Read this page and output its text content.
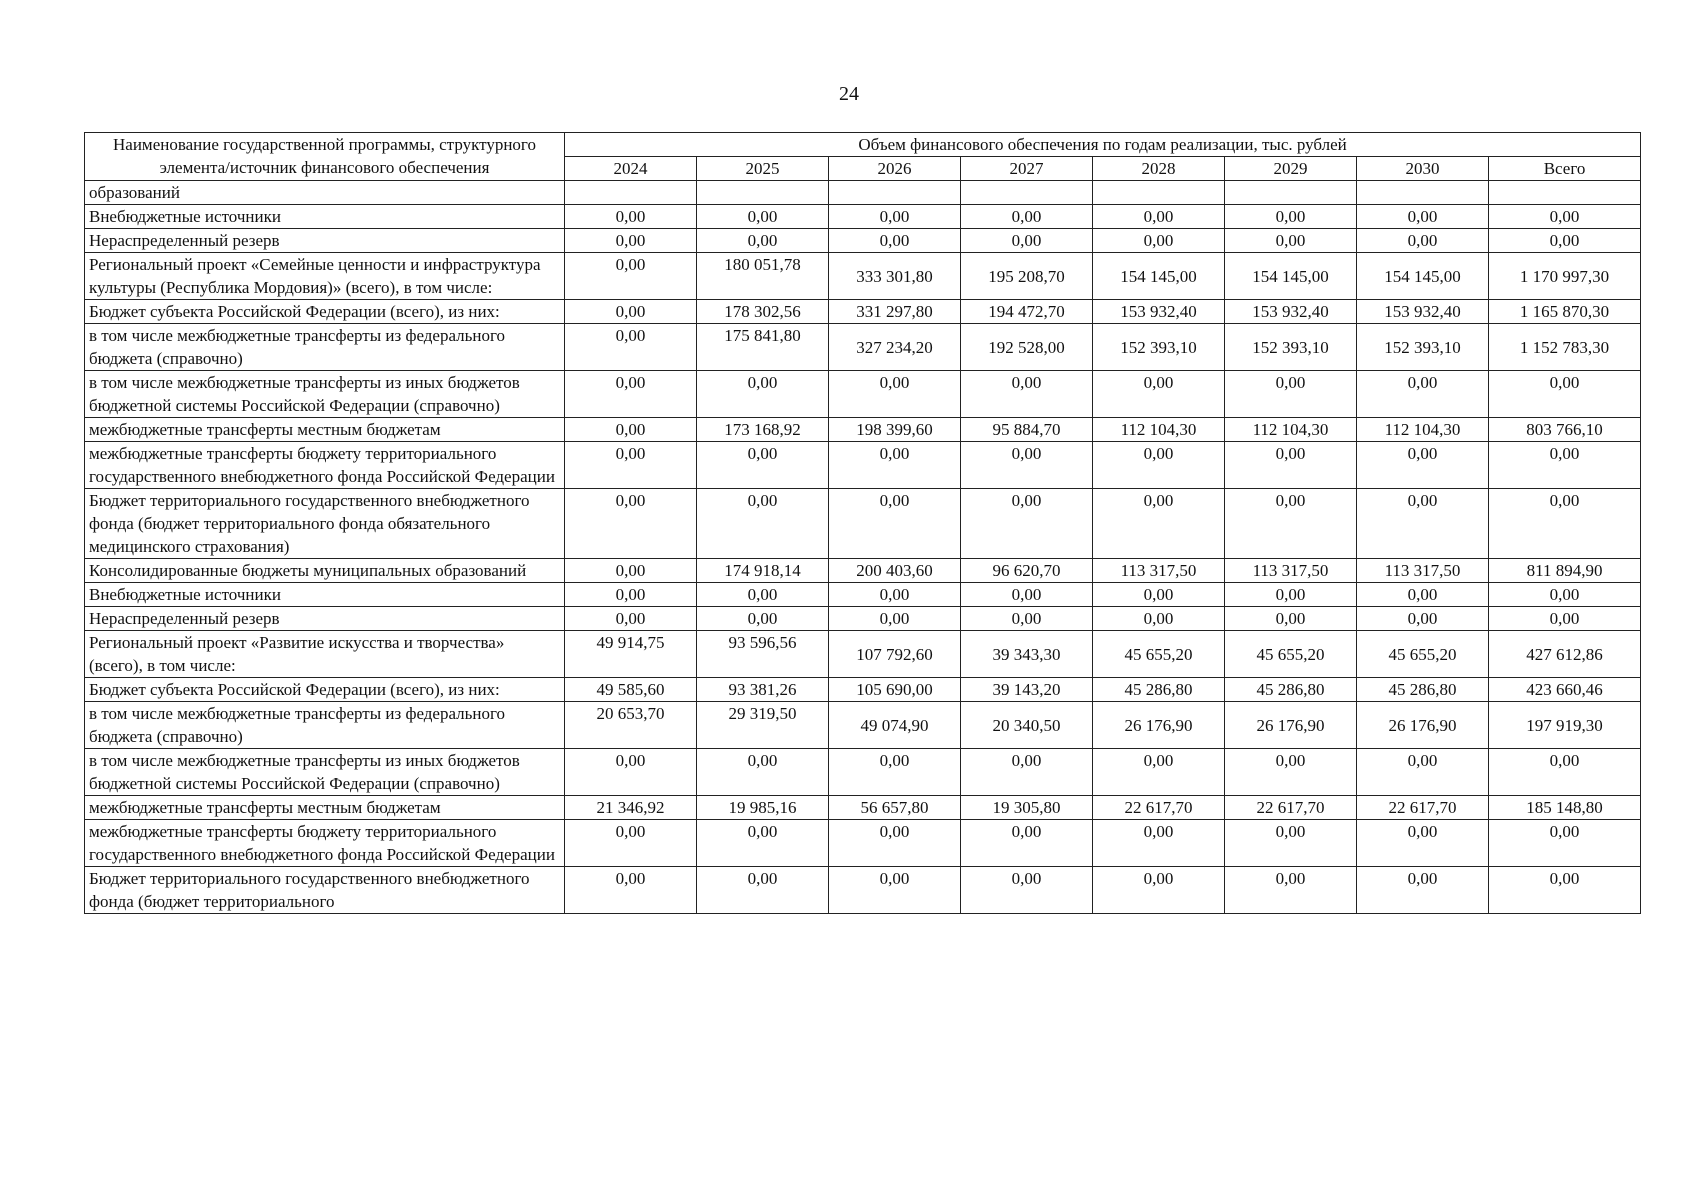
24
Наименование государственной программы, структурного элемента/источник финансового обеспечения	Объем финансового обеспечения по годам реализации, тыс. рублей							
	2024	2025	2026	2027	2028	2029	2030	Всего
образований								
Внебюджетные источники	0,00	0,00	0,00	0,00	0,00	0,00	0,00	0,00
Нераспределенный резерв	0,00	0,00	0,00	0,00	0,00	0,00	0,00	0,00
Региональный проект «Семейные ценности и инфраструктура культуры (Республика Мордовия)» (всего), в том числе:	0,00	180 051,78	333 301,80	195 208,70	154 145,00	154 145,00	154 145,00	1 170 997,30
Бюджет субъекта Российской Федерации (всего), из них:	0,00	178 302,56	331 297,80	194 472,70	153 932,40	153 932,40	153 932,40	1 165 870,30
в том числе межбюджетные трансферты из федерального бюджета (справочно)	0,00	175 841,80	327 234,20	192 528,00	152 393,10	152 393,10	152 393,10	1 152 783,30
в том числе межбюджетные трансферты из иных бюджетов бюджетной системы Российской Федерации (справочно)	0,00	0,00	0,00	0,00	0,00	0,00	0,00	0,00
межбюджетные трансферты местным бюджетам	0,00	173 168,92	198 399,60	95 884,70	112 104,30	112 104,30	112 104,30	803 766,10
межбюджетные трансферты бюджету территориального государственного внебюджетного фонда Российской Федерации	0,00	0,00	0,00	0,00	0,00	0,00	0,00	0,00
Бюджет территориального государственного внебюджетного фонда (бюджет территориального фонда обязательного медицинского страхования)	0,00	0,00	0,00	0,00	0,00	0,00	0,00	0,00
Консолидированные бюджеты муниципальных образований	0,00	174 918,14	200 403,60	96 620,70	113 317,50	113 317,50	113 317,50	811 894,90
Внебюджетные источники	0,00	0,00	0,00	0,00	0,00	0,00	0,00	0,00
Нераспределенный резерв	0,00	0,00	0,00	0,00	0,00	0,00	0,00	0,00
Региональный проект «Развитие искусства и творчества» (всего), в том числе:	49 914,75	93 596,56	107 792,60	39 343,30	45 655,20	45 655,20	45 655,20	427 612,86
Бюджет субъекта Российской Федерации (всего), из них:	49 585,60	93 381,26	105 690,00	39 143,20	45 286,80	45 286,80	45 286,80	423 660,46
в том числе межбюджетные трансферты из федерального бюджета (справочно)	20 653,70	29 319,50	49 074,90	20 340,50	26 176,90	26 176,90	26 176,90	197 919,30
в том числе межбюджетные трансферты из иных бюджетов бюджетной системы Российской Федерации (справочно)	0,00	0,00	0,00	0,00	0,00	0,00	0,00	0,00
межбюджетные трансферты местным бюджетам	21 346,92	19 985,16	56 657,80	19 305,80	22 617,70	22 617,70	22 617,70	185 148,80
межбюджетные трансферты бюджету территориального государственного внебюджетного фонда Российской Федерации	0,00	0,00	0,00	0,00	0,00	0,00	0,00	0,00
Бюджет территориального государственного внебюджетного фонда (бюджет территориального	0,00	0,00	0,00	0,00	0,00	0,00	0,00	0,00
